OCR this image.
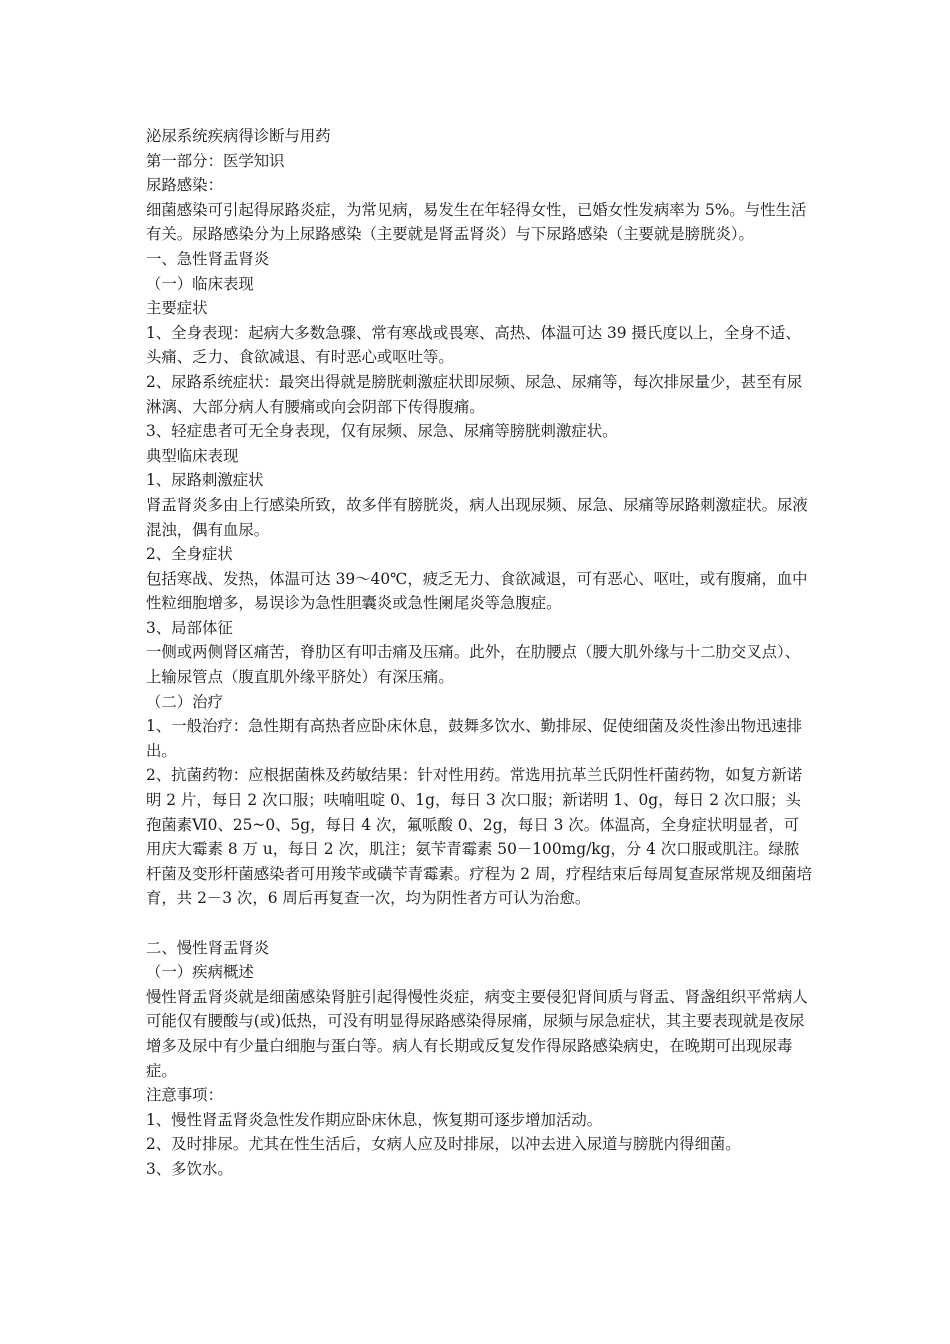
泌尿系统疾病得诊断与用药

第一部分：医学知识

尿路感染：

细菌感染可引起得尿路炎症，为常见病，易发生在年轻得女性，已婚女性发病率为 5%。与性生活有关。尿路感染分为上尿路感染（主要就是肾盂肾炎）与下尿路感染（主要就是膀胱炎）。

一、急性肾盂肾炎

（一）临床表现

主要症状

1、全身表现：起病大多数急骤、常有寒战或畏寒、高热、体温可达 39 摄氏度以上，全身不适、头痛、乏力、食欲减退、有时恶心或呕吐等。

2、尿路系统症状：最突出得就是膀胱刺激症状即尿频、尿急、尿痛等，每次排尿量少，甚至有尿淋漓、大部分病人有腰痛或向会阴部下传得腹痛。

3、轻症患者可无全身表现，仅有尿频、尿急、尿痛等膀胱刺激症状。

典型临床表现

1、尿路刺激症状

肾盂肾炎多由上行感染所致，故多伴有膀胱炎，病人出现尿频、尿急、尿痛等尿路刺激症状。尿液混浊，偶有血尿。

2、全身症状

包括寒战、发热，体温可达 39～40℃，疲乏无力、食欲减退，可有恶心、呕吐，或有腹痛，血中性粒细胞增多，易误诊为急性胆囊炎或急性阑尾炎等急腹症。

3、局部体征

一侧或两侧肾区痛苦，脊肋区有叩击痛及压痛。此外，在肋腰点（腰大肌外缘与十二肋交叉点）、上输尿管点（腹直肌外缘平脐处）有深压痛。

（二）治疗

1、一般治疗：急性期有高热者应卧床休息，鼓舞多饮水、勤排尿、促使细菌及炎性渗出物迅速排出。

2、抗菌药物：应根据菌株及药敏结果：针对性用药。常选用抗革兰氏阴性杆菌药物，如复方新诺明 2 片，每日 2 次口服；呋喃咀啶 0、1g，每日 3 次口服；新诺明 1、0g，每日 2 次口服；头孢菌素Ⅵ0、25~0、5g，每日 4 次，氟哌酸 0、2g，每日 3 次。体温高，全身症状明显者，可用庆大霉素 8 万 u，每日 2 次，肌注；氨苄青霉素 50－100mg/kg，分 4 次口服或肌注。绿脓杆菌及变形杆菌感染者可用羧苄或磺苄青霉素。疗程为 2 周，疗程结束后每周复查尿常规及细菌培育，共 2－3 次，6 周后再复查一次，均为阴性者方可认为治愈。

二、慢性肾盂肾炎

（一）疾病概述

慢性肾盂肾炎就是细菌感染肾脏引起得慢性炎症，病变主要侵犯肾间质与肾盂、肾盏组织平常病人可能仅有腰酸与(或)低热，可没有明显得尿路感染得尿痛，尿频与尿急症状，其主要表现就是夜尿增多及尿中有少量白细胞与蛋白等。病人有长期或反复发作得尿路感染病史，在晚期可出现尿毒症。

注意事项：

1、慢性肾盂肾炎急性发作期应卧床休息，恢复期可逐步增加活动。

2、及时排尿。尤其在性生活后，女病人应及时排尿，以冲去进入尿道与膀胱内得细菌。

3、多饮水。
